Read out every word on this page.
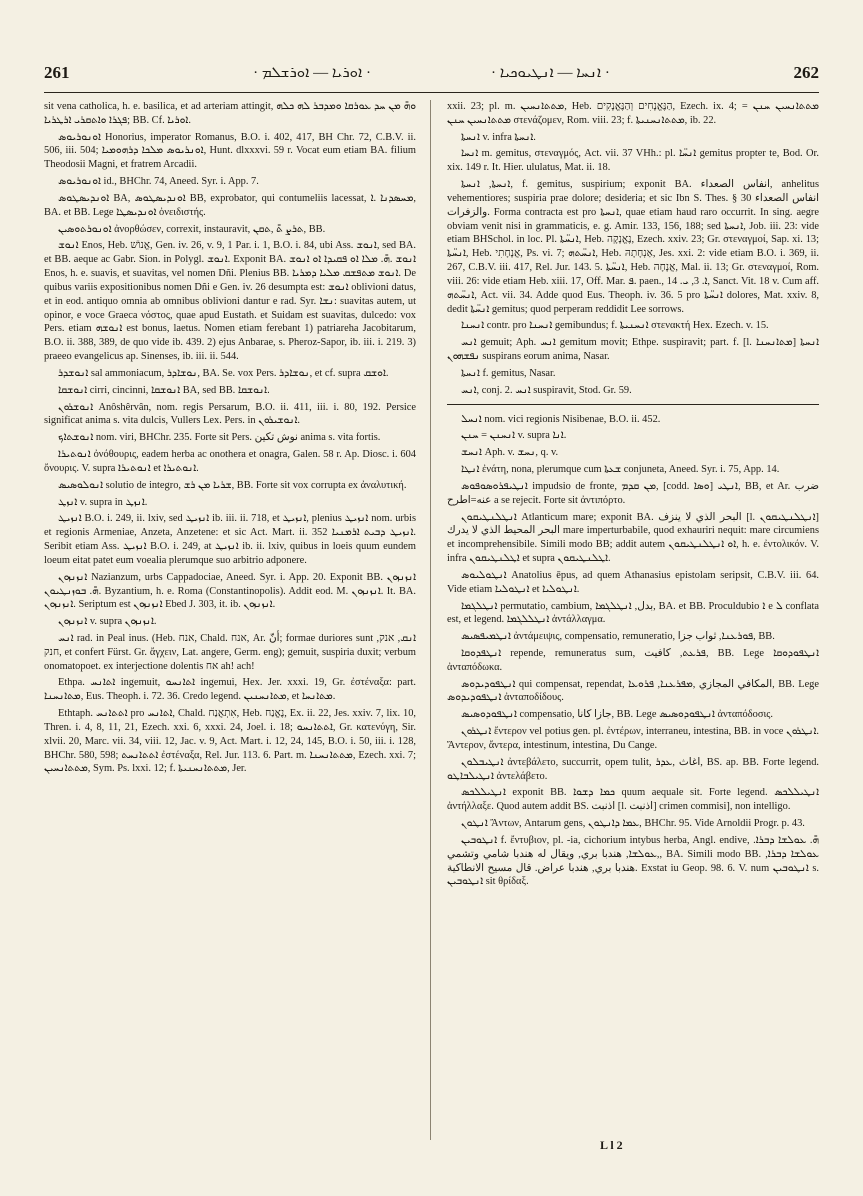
261	· ܐܘܪܝܐ — ܐܘܪܫܠܡ ·	· ܐܢܚܐ — ܐܢܛܝܘܟܝܐ ·	262

sit vena catholica, h. e. basilica, et ad arteriam attingit, ܘܗ̄ ܡܢ ܚܕ ܥܘܪܩܐ ܘܡܕܒܪ ܠܗ ܟܠܗ ܦܓܪܐ ܘܐܬܩܪܝ ܐܪܛܪܝܐ; BB. Cf. ܐܘܪܝܐ.

ܐܘܢܘܪܝܘܣ Honorius, imperator Romanus, B.O. i. 402, 417, BH Chr. 72, C.B.V. ii. 506, iii. 504; ܐܘܢܪܝܘܣ ܡܠܟܐ ܕܪܗܘܡܝܐ, Hunt. dlxxxvi. 59 r. Vocat eum etiam BA. filium Theodosii Magni, et fratrem Arcadii.

ܐܘܢܘܪܝܘܣ id., BHChr. 74, Aneed. Syr. i. App. 7.

ܐܘܢܕܝܣܛܘܣ BA, ܐܘܢܕܝܣܛܘܣ BB, exprobator, qui contumeliis lacessat, ܡܚܣܕܢܐ .ܐ, BA. et BB. Lege ܐܘܢܕܝܣܛܐ ὀνειδιστής.

ܐܘܢܘܪܬܘܣܝܢ ἀνορθώσεν, correxit, instauravit, ܬܪܨ ܬ̄ ,ܬܩܢ, BB.

ܐܢܘܫ Enos, Heb. אֱנוֹשׁ, Gen. iv. 26, v. 9, 1 Par. i. 1, B.O. i. 84, ubi Ass. ܐܢܘܫ, sed BA. et BB. aeque ac Gabr. Sion. in Polygl. ܐܢܘܫ. Exponit BA. ܐܢܘܫ .ܗ̄. ܡܠܐ ܐܘ ܦܩܝܕܐ ܐܘ ܐܢܘܫ Enos, h. e. suavis, et suavitas, vel nomen Dñi. Plenius BB. ܐܢܘܫ ܡܬܦܫܩ ܡܠܝܐ ܕܡܪܝܐ. De quibus variis expositionibus nomen Dñi e Gen. iv. 26 desumpta est: ܐܢܘܫ oblivioni datus, et in eod. antiquo omnia ab omnibus oblivioni dantur e rad. Syr. ܢܫܐ: suavitas autem, ut opinor, e voce Graeca νόστος, quae apud Eustath. et Suidam est suavitas, dulcedo: vox Pers. etiam ܐܢܘܫܗ est bonus, laetus. Nomen etiam ferebant 1) patriareha Jacobitarum, B.O. ii. 388, 389, de quo vide ib. 439. 2) ejus Anbarae, s. Pheroz-Sapor, ib. iii. i. 219. 3) praeeo evangelicus ap. Sinenses, ib. iii. ii. 544.

ܐܢܘܫܕܪ sal ammoniacum, ܢܘܫܐܕܪ, BA. Se. vox Pers. ܢܘܫܐܕܪ, et cf. supra ܐܘܫܩ.

ܐܢܘܫܩܐ cirri, cincinni, ܐܢܘܫܩܐ BA, sed BB. ܐܢܘܫܩܐ.

ܐܢܘܫܪܘܢ Anôshêrvân, nom. regis Persarum, B.O. ii. 411, iii. i. 80, 192. Persice significat anima s. vita dulcis, Vullers Lex. Pers. in ܐܢܘܫܝܪܘܢ.

ܐܢܘܫܬܐܟ nom. viri, BHChr. 235. Forte sit Pers. نوش تکین anima s. vita fortis.

ܐܢܘܬܝܪܐ ὀνόθουρις, eadem herba ac onothera et onagra, Galen. 58 r. Ap. Diosc. i. 604 ὄνουρις. V. supra ܐܢܘܬܝܪܐ et ܐܢܘܬܝܪܐ.

ܐܢܘܠܘܣܝܣ solutio de integro, ܫܪܝܐ ܡܢ ܪܫ, BB. Forte sit vox corrupta ex ἀναλυτική.

ܐܢܙܛ v. supra in ܐܢܙܛ.

ܐܢܙܝܛ B.O. i. 249, ii. lxiv, sed ܐܢܙܝܛ ib. iii. ii. 718, et ܐܢܙܝܛ, plenius ܐܢܙܝܛ nom. urbis et regionis Armeniae, Anzeta, Anzetene: et sic Act. Mart. ii. 352 ܐܢܙܝܛ ܕܒܝܬ ܐܪܡܢܝܐ. Seribit etiam Ass. ܐܢܙܝܛ B.O. i. 249, at ܐܢܙܝܛ ib. ii. lxiv, quibus in loeis quum eundem loeum eitat patet eum voealia plerumque suo arbitrio adponere.

ܐܢܙܢܙܘܢ Nazianzum, urbs Cappadociae, Aneed. Syr. i. App. 20. Exponit BB. ܐܢܙܢܙܘܢ .ܗ̄. ܒܘܙܢܛܝܘܢ Byzantium, h. e. Roma (Constantinopolis). Addit eod. M. ܐܢܙܢܙܘܢ. It. BA. ܐܢܙܢܙܘܢ. Seriptum est ܐܢܙܢܙܘܢ Ebed J. 303, it. ib. ܐܢܙܢܙܘܢ.

ܐܢܙܢܙܘܢ v. supra ܐܢܙܢܙܘܢ.

ܐܢܚ rad. in Peal inus. (Heb. אנח, Chald. אנח, Ar. أنّ; formae duriores sunt ܐܢܩ, אנק, חנק, et confert Fürst. Gr. ἄγχειν, Lat. angere, Germ. eng); gemuit, suspiria duxit; verbum onomatopoet. ex interjectione dolentis אח ah! ach!

Ethpa. ܐܬܐܢܚ ingemuit, ܐܬܐܢܚܘ ingemui, Hex. Jer. xxxi. 19, Gr. ἐστέναξα: part. ܡܬܐܢܚܢܐ, Eus. Theoph. i. 72. 36. Credo legend. ܡܬܐܢܚܢܝܢ, et ܡܬܐܢܚܐ.

Ethtaph. ܐܬܬܐܢܚ pro ܐܬܐܢܚ, Chald. אִתְאֲנַח, Heb. נֶאֱנַח, Ex. ii. 22, Jes. xxiv. 7, lix. 10, Thren. i. 4, 8, 11, 21, Ezech. xxi. 6, xxxi. 24, Joel. i. 18; ܐܬܬܐܢܚܘ, Gr. κατενύγη, Sir. xlvii. 20, Marc. vii. 34, viii. 12, Jac. v. 9, Act. Mart. i. 12, 24, 145, B.O. i. 50, iii. i. 128, BHChr. 580, 598; ܐܬܬܐܢܚܬ ἐστέναξα, Rel. Jur. 113. 6. Part. m. ܡܬܬܐܢܚܢܐ, Ezech. xxi. 7; ܡܬܬܐܢܚܝܢ, Sym. Ps. lxxi. 12; f. ܡܬܬܐܢܚܢܝܬܐ, Jer.

xxii. 23; pl. m. ܡܬܬܐܢܚܝܢ, Heb. הַנֶּאֱנָחִים וְהַנֶּאֱנָקִים, Ezech. ix. 4; ܡܬܬܐܢܚܝܢ ܚܢܢ = ܡܬܬܐܢܚܝܢ ܚܢܢ στενάζομεν, Rom. viii. 23; f. ܡܬܬܐܢܚܢܝܬܐ, ib. 22.

ܐܢܚܬܐ v. infra ܐܢܚܬܐ.

ܐܢܚܐ m. gemitus, στεναγμός, Act. vii. 37 VHh.: pl. ܐܢܚ̈ܐ gemitus propter te, Bod. Or. xix. 149 r. It. Hier. ululatus, Mat. ii. 18.

ܐܢܚܬܐ, ܐܢܚܬܐ, f. gemitus, suspirium; exponit BA. انفاس الصعداء, anhelitus vehementiores; suspiria prae dolore; desideria; et sic Ibn S. Thes. § 30 انفاس الصعداء والزفرات. Forma contracta est pro ܐܢܚܬܐ, quae etiam haud raro occurrit. In sing. aegre obviam venit nisi in grammaticis, e. g. Amir. 133, 156, 188; sed ܐܢܚܬܐ, Job. iii. 23: vide etiam BHSchol. in loc. Pl. ܐܢܚ̈ܬܐ, Heb. נֶאֱנָקָה, Ezech. xxiv. 23; Gr. στεναγμοί, Sap. xi. 13; ܐܢܚ̈ܬܐ, Heb. אֲנָחָתִי, Ps. vi. 7; ܐܢܚ̈ܬܗ, Heb. אַנְחָתָהּ, Jes. xxi. 2: vide etiam B.O. i. 369, ii. 267, C.B.V. iii. 417, Rel. Jur. 143. 5. ܐܢܚ̈ܬܐ, Heb. אֲנָחָה, Mal. ii. 13; Gr. στεναγμοί, Rom. viii. 26: vide etiam Heb. xiii. 17, Off. Mar. ܦ. paen., ܐ. 3, ܝ. 14, Sanct. Vit. 18 v. Cum aff. ܐܢܚ̈ܬܗ, Act. vii. 34. Adde quod Eus. Theoph. iv. 36. 5 pro ܐܢܚ̈ܬܐ dolores, Mat. xxiv. 8, dedit ܐܢܚ̈ܬܐ gemitus; quod perperam reddidit Lee sorrows.

ܐܢܚܢܐ contr. pro ܐܢܚܢܐ gemibundus; f. ܐܢܚܢܝܬܐ στενακτή Hex. Ezech. v. 15.

ܐܢܚ gemuit; Aph. ܐܢܚ gemitum movit; Ethpe. suspiravit; part. f. [l. ܡܬܐܢܚܢܐ] ܐܢܚܬܐ ܢܦܫܗܘܢ suspirans eorum anima, Nasar.

ܐܢܚܬܐ f. gemitus, Nasar.

ܐܢܚ, conj. 2. ܐܢܚ suspiravit, Stod. Gr. 59.

ܐܢܚܠ nom. vici regionis Nisibenae, B.O. ii. 452.

ܐܢܚܢܢ = ܚܢܢ v. supra ܐܢܐ.

ܐܢܚܫ Aph. v. ܢܚܫ, q. v.

ܐܢܛܐ ἐνάτη, nona, plerumque cum ܫܥܬܐ conjuneta, Aneed. Syr. i. 75, App. 14.

ܐܢܛܝܦܪܘܣܘܦܘܣ impudsio de fronte, ܡܢ ܩܕܡ, [codd. ܘܣܐ] ܐܢܛܝ, BB, et Ar. ضرب عنه=اطرح a se rejecit. Forte sit ἀντιπόρτο.

ܐܢܛܠܢܛܝܩܘܢ Atlanticum mare; exponit BA. البحر الذي لا ينزف [l. ܐܢܛܠܢܛܝܩܘܢ] البحر المحيط الذي لا يدرك mare imperturbabile, quod exhauriri nequit: mare circumiens et incomprehensibile. Simili modo BB; addit autem ܐܘ ܐܢܛܠܢܛܝܩܘܢ, h. e. ἐντολικόν. V. infra ܐܛܠܢܛܝܩܘܢ et supra ܐܛܠܢܛܝܩܘܢ.

ܐܢܛܘܠܝܘܣ Anatolius ēpus, ad quem Athanasius epistolam seripsit, C.B.V. iii. 64. Vide etiam ܐܢܛܘܠܝܐ et ܐܢܛܘܠܝܐ.

ܐܢܛܠܓܡܐ permutatio, cambium, بدل, ܐܢܛܠܓܡܐ, BA. et BB. Proculdubio ܐ e ܠ conflata est, et legend. ܐܢܛܠܠܓܡܐ ἀντάλλαγμα.

ܐܢܛܡܝܦܣܝܣ ἀντάμειψις, compensatio, remuneratio, ܦܘܪܥܢܐ, ثواب جزا, BB.

ܐܢܛܦܕܘܩܐ repende, remuneratus sum, ܦܪܥܬ, كافيت, BB. Lege ܐܢܛܦܘܕܘܩܐ ἀνταπόδωκα.

ܐܢܛܦܘܕܝܕܘܣ qui compensat, rependat, المكافي المجازي ,ܡܦܪܥܢܐ, ܦܪܘܥܐ, BB. Lege ܐܢܛܦܘܕܝܕܘܣ ἀνταποδίδους.

ܐܢܛܦܘܕܘܣܝܣ compensatio, جازا كانا, BB. Lege ܐܢܛܦܘܕܘܣܝܣ ἀνταπόδοσις.

ܐܢܛܪܘܢ ἔντερον vel potius gen. pl. ἐντέρων, interraneu, intestina, BB. in voce ܐܢܛܪܘܢ. Ἄντερον, ἄντερα, intestinum, intestina, Du Cange.

ܐܢܛܝܒܠܘܢ ἀντεβάλετο, succurrit, opem tulit, اغاث ,ܥܕܪ, BS. ap. BB. Forte legend. ܐܢܛܝܠܒܐܛܘ ἀντελάβετο.

ܐܢܛܝܠܠܟܣ exponit BB. ܟܡܐ ܕܫܘܐ quum aequale sit. Forte legend. ܐܢܛܝܠܠܟܣ ἀντήλλαξε. Quod autem addit BS. اذنبت [l. اذنبت] crimen commisi], non intelligo.

ܐܢܛܘܢ Ἄντων, Antarum gens, ܥܡܐ ܕܐܢܛܘܢ, BHChr. 95. Vide Arnoldii Progr. p. 43.

ܐܢܛܘܒܝܢ f. ἔντυβιον, pl. -ia, cichorium intybus herba, Angl. endive, .ܗ̄. ܥܘܠܫܐ ܕܒܪܐ ,ܥܘܠܫܐ, هندبا بري, ويقال له هندبا شامي وتشمي, BA. Simili modo BB. ܥܘܠܫܐ ܕܒܪܐ, هندبا بري, هندبا عراض. قال مسيح الانطاكية. Exstat iu Geop. 98. 6. V. num ܐܢܛܘܒܝܢ s. ܐܢܛܘܒܝܢ sit θρίδαξ.

L l 2
